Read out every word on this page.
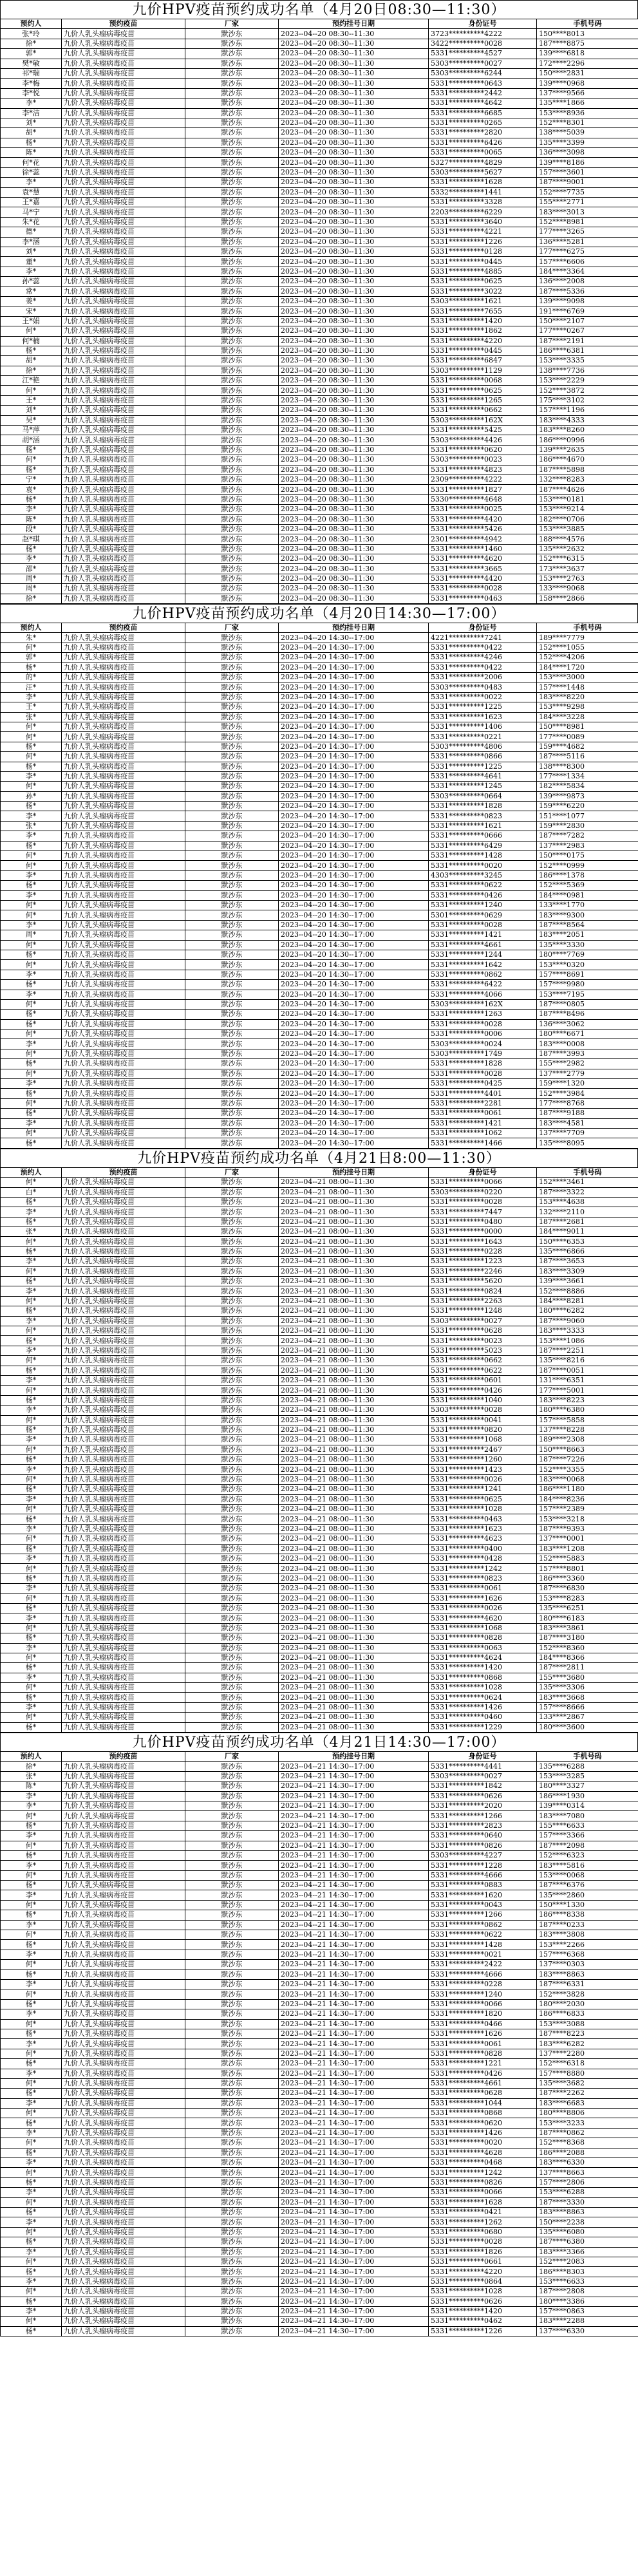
九价HPV疫苗预约成功名单（4月20日08:30—11:30）
预约人	预约疫苗	厂家	预约挂号日期	身份证号	手机号码
张*玲	九价人乳头瘤病毒疫苗	默沙东	2023--04--20 08:30--11:30	3723**********4222	150****8013
徐*	九价人乳头瘤病毒疫苗	默沙东	2023--04--20 08:30--11:30	3422**********0028	187****8875
郭*	九价人乳头瘤病毒疫苗	默沙东	2023--04--20 08:30--11:30	5331**********4527	139****6818
樊*敏	九价人乳头瘤病毒疫苗	默沙东	2023--04--20 08:30--11:30	5303**********0027	172****2296
祁*瑞	九价人乳头瘤病毒疫苗	默沙东	2023--04--20 08:30--11:30	5303**********6244	150****2831
李*梅	九价人乳头瘤病毒疫苗	默沙东	2023--04--20 08:30--11:30	5331**********0643	139****0968
李*悦	九价人乳头瘤病毒疫苗	默沙东	2023--04--20 08:30--11:30	5331**********2442	137****9566
李*	九价人乳头瘤病毒疫苗	默沙东	2023--04--20 08:30--11:30	5331**********4642	135****1866
李*洁	九价人乳头瘤病毒疫苗	默沙东	2023--04--20 08:30--11:30	5331**********6685	153****8936
刘*	九价人乳头瘤病毒疫苗	默沙东	2023--04--20 08:30--11:30	5331**********0265	152****8301
胡*	九价人乳头瘤病毒疫苗	默沙东	2023--04--20 08:30--11:30	5331**********2820	138****5039
杨*	九价人乳头瘤病毒疫苗	默沙东	2023--04--20 08:30--11:30	5331**********6426	135****3399
陈*	九价人乳头瘤病毒疫苗	默沙东	2023--04--20 08:30--11:30	5331**********0065	136****3098
何*花	九价人乳头瘤病毒疫苗	默沙东	2023--04--20 08:30--11:30	5327**********4829	139****8186
徐*蕊	九价人乳头瘤病毒疫苗	默沙东	2023--04--20 08:30--11:30	5303**********5627	157****3601
李*	九价人乳头瘤病毒疫苗	默沙东	2023--04--20 08:30--11:30	5331**********1628	187****9001
袁*慧	九价人乳头瘤病毒疫苗	默沙东	2023--04--20 08:30--11:30	5332**********1441	152****7735
王*嘉	九价人乳头瘤病毒疫苗	默沙东	2023--04--20 08:30--11:30	5331**********3328	155****2771
马*宁	九价人乳头瘤病毒疫苗	默沙东	2023--04--20 08:30--11:30	2203**********6229	183****3013
朱*花	九价人乳头瘤病毒疫苗	默沙东	2023--04--20 08:30--11:30	5331**********3640	152****8981
德*	九价人乳头瘤病毒疫苗	默沙东	2023--04--20 08:30--11:30	5331**********4221	177****3265
李*涵	九价人乳头瘤病毒疫苗	默沙东	2023--04--20 08:30--11:30	5331**********1226	136****5281
刘*	九价人乳头瘤病毒疫苗	默沙东	2023--04--20 08:30--11:30	5331**********0128	177****6275
董*	九价人乳头瘤病毒疫苗	默沙东	2023--04--20 08:30--11:30	5331**********0445	157****6606
李*	九价人乳头瘤病毒疫苗	默沙东	2023--04--20 08:30--11:30	5331**********4885	184****3364
孙*蕊	九价人乳头瘤病毒疫苗	默沙东	2023--04--20 08:30--11:30	5331**********0625	136****2008
常*	九价人乳头瘤病毒疫苗	默沙东	2023--04--20 08:30--11:30	5331**********3022	187****5336
姜*	九价人乳头瘤病毒疫苗	默沙东	2023--04--20 08:30--11:30	5303**********1621	139****9098
宋*	九价人乳头瘤病毒疫苗	默沙东	2023--04--20 08:30--11:30	5331**********7655	191****6769
王*娟	九价人乳头瘤病毒疫苗	默沙东	2023--04--20 08:30--11:30	5331**********1420	150****2107
何*	九价人乳头瘤病毒疫苗	默沙东	2023--04--20 08:30--11:30	5331**********1862	177****0267
何*楠	九价人乳头瘤病毒疫苗	默沙东	2023--04--20 08:30--11:30	5331**********4220	187****2191
杨*	九价人乳头瘤病毒疫苗	默沙东	2023--04--20 08:30--11:30	5331**********0445	186****6381
胡*	九价人乳头瘤病毒疫苗	默沙东	2023--04--20 08:30--11:30	5331**********6847	153****3335
徐*	九价人乳头瘤病毒疫苗	默沙东	2023--04--20 08:30--11:30	5303**********1129	138****7736
江*艳	九价人乳头瘤病毒疫苗	默沙东	2023--04--20 08:30--11:30	5331**********0068	153****2229
何*	九价人乳头瘤病毒疫苗	默沙东	2023--04--20 08:30--11:30	5331**********0625	152****3872
王*	九价人乳头瘤病毒疫苗	默沙东	2023--04--20 08:30--11:30	5331**********1265	175****3102
刘*	九价人乳头瘤病毒疫苗	默沙东	2023--04--20 08:30--11:30	5331**********0662	157****1196
吴*	九价人乳头瘤病毒疫苗	默沙东	2023--04--20 08:30--11:30	5303**********162X	183****4333
马*萍	九价人乳头瘤病毒疫苗	默沙东	2023--04--20 08:30--11:30	5331**********5425	183****8260
胡*涵	九价人乳头瘤病毒疫苗	默沙东	2023--04--20 08:30--11:30	5303**********4426	186****0996
杨*	九价人乳头瘤病毒疫苗	默沙东	2023--04--20 08:30--11:30	5331**********0620	139****2635
何*	九价人乳头瘤病毒疫苗	默沙东	2023--04--20 08:30--11:30	5303**********0023	186****4670
杨*	九价人乳头瘤病毒疫苗	默沙东	2023--04--20 08:30--11:30	5331**********4823	187****5898
宁*	九价人乳头瘤病毒疫苗	默沙东	2023--04--20 08:30--11:30	2309**********4222	132****8283
袁*	九价人乳头瘤病毒疫苗	默沙东	2023--04--20 08:30--11:30	5331**********1827	187****4626
杨*	九价人乳头瘤病毒疫苗	默沙东	2023--04--20 08:30--11:30	5330**********4648	153****0181
李*	九价人乳头瘤病毒疫苗	默沙东	2023--04--20 08:30--11:30	5331**********0025	153****9214
陈*	九价人乳头瘤病毒疫苗	默沙东	2023--04--20 08:30--11:30	5331**********4420	182****0706
段*	九价人乳头瘤病毒疫苗	默沙东	2023--04--20 08:30--11:30	5331**********5426	153****3885
赵*琪	九价人乳头瘤病毒疫苗	默沙东	2023--04--20 08:30--11:30	2301**********4942	188****4576
杨*	九价人乳头瘤病毒疫苗	默沙东	2023--04--20 08:30--11:30	5331**********1460	135****2632
李*	九价人乳头瘤病毒疫苗	默沙东	2023--04--20 08:30--11:30	5331**********4620	152****6315
邵*	九价人乳头瘤病毒疫苗	默沙东	2023--04--20 08:30--11:30	5331**********3665	173****3637
周*	九价人乳头瘤病毒疫苗	默沙东	2023--04--20 08:30--11:30	5331**********4420	153****2763
周*	九价人乳头瘤病毒疫苗	默沙东	2023--04--20 08:30--11:30	5331**********0028	133****9068
徐*	九价人乳头瘤病毒疫苗	默沙东	2023--04--20 08:30--11:30	5331**********0463	158****2866
九价HPV疫苗预约成功名单（4月20日14:30—17:00）
预约人	预约疫苗	厂家	预约挂号日期	身份证号	手机号码
朱*	九价人乳头瘤病毒疫苗	默沙东	2023--04--20 14:30--17:00	4221**********7241	189****7779
何*	九价人乳头瘤病毒疫苗	默沙东	2023--04--20 14:30--17:00	5331**********0422	152****1055
郭*	九价人乳头瘤病毒疫苗	默沙东	2023--04--20 14:30--17:00	5331**********4246	152****4206
杨*	九价人乳头瘤病毒疫苗	默沙东	2023--04--20 14:30--17:00	5331**********0422	184****1720
的*	九价人乳头瘤病毒疫苗	默沙东	2023--04--20 14:30--17:00	5331**********2006	153****3000
汪*	九价人乳头瘤病毒疫苗	默沙东	2023--04--20 14:30--17:00	5303**********0483	157****1448
李*	九价人乳头瘤病毒疫苗	默沙东	2023--04--20 14:30--17:00	5331**********0022	183****8220
王*	九价人乳头瘤病毒疫苗	默沙东	2023--04--20 14:30--17:00	5331**********1225	153****9298
张*	九价人乳头瘤病毒疫苗	默沙东	2023--04--20 14:30--17:00	5331**********1623	184****3228
何*	九价人乳头瘤病毒疫苗	默沙东	2023--04--20 14:30--17:00	5331**********1406	150****8981
何*	九价人乳头瘤病毒疫苗	默沙东	2023--04--20 14:30--17:00	5331**********0221	177****0089
杨*	九价人乳头瘤病毒疫苗	默沙东	2023--04--20 14:30--17:00	5303**********4806	159****4682
何*	九价人乳头瘤病毒疫苗	默沙东	2023--04--20 14:30--17:00	5331**********0866	187****5116
杨*	九价人乳头瘤病毒疫苗	默沙东	2023--04--20 14:30--17:00	5331**********1225	138****8300
李*	九价人乳头瘤病毒疫苗	默沙东	2023--04--20 14:30--17:00	5331**********4641	177****1334
何*	九价人乳头瘤病毒疫苗	默沙东	2023--04--20 14:30--17:00	5331**********1245	182****5834
孙*	九价人乳头瘤病毒疫苗	默沙东	2023--04--20 14:30--17:00	5303**********0664	139****9873
杨*	九价人乳头瘤病毒疫苗	默沙东	2023--04--20 14:30--17:00	5331**********1828	159****6220
李*	九价人乳头瘤病毒疫苗	默沙东	2023--04--20 14:30--17:00	5331**********0823	151****1077
张*	九价人乳头瘤病毒疫苗	默沙东	2023--04--20 14:30--17:00	5331**********1621	159****2830
李*	九价人乳头瘤病毒疫苗	默沙东	2023--04--20 14:30--17:00	5331**********0666	187****7282
杨*	九价人乳头瘤病毒疫苗	默沙东	2023--04--20 14:30--17:00	5331**********6429	137****2983
何*	九价人乳头瘤病毒疫苗	默沙东	2023--04--20 14:30--17:00	5331**********1428	150****0175
何*	九价人乳头瘤病毒疫苗	默沙东	2023--04--20 14:30--17:00	5331**********0020	152****0999
李*	九价人乳头瘤病毒疫苗	默沙东	2023--04--20 14:30--17:00	4303**********3245	186****1378
杨*	九价人乳头瘤病毒疫苗	默沙东	2023--04--20 14:30--17:00	5331**********0622	152****5369
李*	九价人乳头瘤病毒疫苗	默沙东	2023--04--20 14:30--17:00	5331**********0426	184****0981
何*	九价人乳头瘤病毒疫苗	默沙东	2023--04--20 14:30--17:00	5331**********1240	133****1770
何*	九价人乳头瘤病毒疫苗	默沙东	2023--04--20 14:30--17:00	5301**********0629	183****9300
李*	九价人乳头瘤病毒疫苗	默沙东	2023--04--20 14:30--17:00	5331**********0028	187****8564
周*	九价人乳头瘤病毒疫苗	默沙东	2023--04--20 14:30--17:00	5331**********1421	183****2051
何*	九价人乳头瘤病毒疫苗	默沙东	2023--04--20 14:30--17:00	5331**********4661	135****3330
杨*	九价人乳头瘤病毒疫苗	默沙东	2023--04--20 14:30--17:00	5331**********1244	180****7769
何*	九价人乳头瘤病毒疫苗	默沙东	2023--04--20 14:30--17:00	5331**********1642	153****0320
李*	九价人乳头瘤病毒疫苗	默沙东	2023--04--20 14:30--17:00	5331**********0862	157****8691
杨*	九价人乳头瘤病毒疫苗	默沙东	2023--04--20 14:30--17:00	5331**********6422	157****9980
李*	九价人乳头瘤病毒疫苗	默沙东	2023--04--20 14:30--17:00	5331**********4066	153****7195
何*	九价人乳头瘤病毒疫苗	默沙东	2023--04--20 14:30--17:00	5303**********162X	187****0805
杨*	九价人乳头瘤病毒疫苗	默沙东	2023--04--20 14:30--17:00	5331**********1263	187****8496
杨*	九价人乳头瘤病毒疫苗	默沙东	2023--04--20 14:30--17:00	5331**********0028	136****3062
何*	九价人乳头瘤病毒疫苗	默沙东	2023--04--20 14:30--17:00	5331**********0006	180****6671
李*	九价人乳头瘤病毒疫苗	默沙东	2023--04--20 14:30--17:00	5303**********0024	183****0008
何*	九价人乳头瘤病毒疫苗	默沙东	2023--04--20 14:30--17:00	5303**********1749	187****3993
杨*	九价人乳头瘤病毒疫苗	默沙东	2023--04--20 14:30--17:00	5331**********1828	155****2982
何*	九价人乳头瘤病毒疫苗	默沙东	2023--04--20 14:30--17:00	5331**********0028	137****2779
李*	九价人乳头瘤病毒疫苗	默沙东	2023--04--20 14:30--17:00	5331**********0425	159****1320
杨*	九价人乳头瘤病毒疫苗	默沙东	2023--04--20 14:30--17:00	5331**********4401	152****3984
何*	九价人乳头瘤病毒疫苗	默沙东	2023--04--20 14:30--17:00	5331**********2281	177****8768
杨*	九价人乳头瘤病毒疫苗	默沙东	2023--04--20 14:30--17:00	5331**********0061	187****9188
李*	九价人乳头瘤病毒疫苗	默沙东	2023--04--20 14:30--17:00	5331**********1421	183****4581
何*	九价人乳头瘤病毒疫苗	默沙东	2023--04--20 14:30--17:00	5331**********1062	137****7709
杨*	九价人乳头瘤病毒疫苗	默沙东	2023--04--20 14:30--17:00	5331**********1466	135****8095
九价HPV疫苗预约成功名单（4月21日8:00—11:30）
预约人	预约疫苗	厂家	预约挂号日期	身份证号	手机号码
何*	九价人乳头瘤病毒疫苗	默沙东	2023--04--21 08:00--11:30	5331**********0066	152****3461
白*	九价人乳头瘤病毒疫苗	默沙东	2023--04--21 08:00--11:30	5303**********0220	187****3322
杨*	九价人乳头瘤病毒疫苗	默沙东	2023--04--21 08:00--11:30	5331**********0028	153****4638
李*	九价人乳头瘤病毒疫苗	默沙东	2023--04--21 08:00--11:30	5331**********7447	132****2110
杨*	九价人乳头瘤病毒疫苗	默沙东	2023--04--21 08:00--11:30	5331**********0480	187****2681
张*	九价人乳头瘤病毒疫苗	默沙东	2023--04--21 08:00--11:30	5331**********0000	184****9011
何*	九价人乳头瘤病毒疫苗	默沙东	2023--04--21 08:00--11:30	5331**********1643	150****6353
杨*	九价人乳头瘤病毒疫苗	默沙东	2023--04--21 08:00--11:30	5331**********0228	135****6866
李*	九价人乳头瘤病毒疫苗	默沙东	2023--04--21 08:00--11:30	5331**********1223	187****3653
何*	九价人乳头瘤病毒疫苗	默沙东	2023--04--21 08:00--11:30	5331**********2246	183****3309
杨*	九价人乳头瘤病毒疫苗	默沙东	2023--04--21 08:00--11:30	5331**********5620	139****3661
李*	九价人乳头瘤病毒疫苗	默沙东	2023--04--21 08:00--11:30	5331**********0824	152****8886
何*	九价人乳头瘤病毒疫苗	默沙东	2023--04--21 08:00--11:30	5331**********2263	184****8281
杨*	九价人乳头瘤病毒疫苗	默沙东	2023--04--21 08:00--11:30	5331**********1248	180****6282
李*	九价人乳头瘤病毒疫苗	默沙东	2023--04--21 08:00--11:30	5303**********0027	187****9060
何*	九价人乳头瘤病毒疫苗	默沙东	2023--04--21 08:00--11:30	5331**********0628	183****3333
杨*	九价人乳头瘤病毒疫苗	默沙东	2023--04--21 08:00--11:30	5331**********0023	153****1086
李*	九价人乳头瘤病毒疫苗	默沙东	2023--04--21 08:00--11:30	5331**********5023	187****2251
何*	九价人乳头瘤病毒疫苗	默沙东	2023--04--21 08:00--11:30	5331**********0662	135****8216
杨*	九价人乳头瘤病毒疫苗	默沙东	2023--04--21 08:00--11:30	5331**********0622	187****0051
李*	九价人乳头瘤病毒疫苗	默沙东	2023--04--21 08:00--11:30	5331**********0601	131****6351
何*	九价人乳头瘤病毒疫苗	默沙东	2023--04--21 08:00--11:30	5331**********0426	177****5001
杨*	九价人乳头瘤病毒疫苗	默沙东	2023--04--21 08:00--11:30	5331**********1040	183****8223
李*	九价人乳头瘤病毒疫苗	默沙东	2023--04--21 08:00--11:30	5303**********0028	180****6380
何*	九价人乳头瘤病毒疫苗	默沙东	2023--04--21 08:00--11:30	5331**********0041	157****5858
杨*	九价人乳头瘤病毒疫苗	默沙东	2023--04--21 08:00--11:30	5331**********0820	137****8228
李*	九价人乳头瘤病毒疫苗	默沙东	2023--04--21 08:00--11:30	5331**********1068	189****2308
何*	九价人乳头瘤病毒疫苗	默沙东	2023--04--21 08:00--11:30	5331**********2467	150****8663
杨*	九价人乳头瘤病毒疫苗	默沙东	2023--04--21 08:00--11:30	5331**********1260	187****7226
李*	九价人乳头瘤病毒疫苗	默沙东	2023--04--21 08:00--11:30	5331**********1423	152****3355
何*	九价人乳头瘤病毒疫苗	默沙东	2023--04--21 08:00--11:30	5331**********0026	183****0068
杨*	九价人乳头瘤病毒疫苗	默沙东	2023--04--21 08:00--11:30	5331**********1241	186****1180
李*	九价人乳头瘤病毒疫苗	默沙东	2023--04--21 08:00--11:30	5331**********0625	184****8236
何*	九价人乳头瘤病毒疫苗	默沙东	2023--04--21 08:00--11:30	5331**********1028	157****2389
杨*	九价人乳头瘤病毒疫苗	默沙东	2023--04--21 08:00--11:30	5331**********0463	153****3218
李*	九价人乳头瘤病毒疫苗	默沙东	2023--04--21 08:00--11:30	5331**********1623	187****9393
何*	九价人乳头瘤病毒疫苗	默沙东	2023--04--21 08:00--11:30	5331**********4623	137****0001
杨*	九价人乳头瘤病毒疫苗	默沙东	2023--04--21 08:00--11:30	5331**********0400	183****1208
李*	九价人乳头瘤病毒疫苗	默沙东	2023--04--21 08:00--11:30	5331**********0428	152****5883
何*	九价人乳头瘤病毒疫苗	默沙东	2023--04--21 08:00--11:30	5331**********1242	157****8801
杨*	九价人乳头瘤病毒疫苗	默沙东	2023--04--21 08:00--11:30	5331**********0823	186****3360
李*	九价人乳头瘤病毒疫苗	默沙东	2023--04--21 08:00--11:30	5331**********0061	187****6830
何*	九价人乳头瘤病毒疫苗	默沙东	2023--04--21 08:00--11:30	5331**********1626	153****8283
杨*	九价人乳头瘤病毒疫苗	默沙东	2023--04--21 08:00--11:30	5331**********0026	135****6251
李*	九价人乳头瘤病毒疫苗	默沙东	2023--04--21 08:00--11:30	5331**********4620	180****6183
何*	九价人乳头瘤病毒疫苗	默沙东	2023--04--21 08:00--11:30	5331**********1068	183****3861
杨*	九价人乳头瘤病毒疫苗	默沙东	2023--04--21 08:00--11:30	5331**********0828	187****3180
李*	九价人乳头瘤病毒疫苗	默沙东	2023--04--21 08:00--11:30	5331**********0063	152****8360
何*	九价人乳头瘤病毒疫苗	默沙东	2023--04--21 08:00--11:30	5331**********4624	184****8366
杨*	九价人乳头瘤病毒疫苗	默沙东	2023--04--21 08:00--11:30	5331**********1420	187****2811
李*	九价人乳头瘤病毒疫苗	默沙东	2023--04--21 08:00--11:30	5331**********0868	155****3680
何*	九价人乳头瘤病毒疫苗	默沙东	2023--04--21 08:00--11:30	5331**********1028	135****3306
杨*	九价人乳头瘤病毒疫苗	默沙东	2023--04--21 08:00--11:30	5331**********0624	183****3668
李*	九价人乳头瘤病毒疫苗	默沙东	2023--04--21 08:00--11:30	5331**********1426	157****8666
何*	九价人乳头瘤病毒疫苗	默沙东	2023--04--21 08:00--11:30	5331**********0460	133****2867
杨*	九价人乳头瘤病毒疫苗	默沙东	2023--04--21 08:00--11:30	5331**********1229	180****3600
九价HPV疫苗预约成功名单（4月21日14:30—17:00）
预约人	预约疫苗	厂家	预约挂号日期	身份证号	手机号码
徐*	九价人乳头瘤病毒疫苗	默沙东	2023--04--21 14:30--17:00	5331**********4441	135****6288
张*	九价人乳头瘤病毒疫苗	默沙东	2023--04--21 14:30--17:00	5303**********0027	153****3285
陈*	九价人乳头瘤病毒疫苗	默沙东	2023--04--21 14:30--17:00	5331**********1842	180****3327
李*	九价人乳头瘤病毒疫苗	默沙东	2023--04--21 14:30--17:00	5331**********0626	186****1930
李*	九价人乳头瘤病毒疫苗	默沙东	2023--04--21 14:30--17:00	5331**********2020	139****0314
何*	九价人乳头瘤病毒疫苗	默沙东	2023--04--21 14:30--17:00	5331**********1266	183****7080
杨*	九价人乳头瘤病毒疫苗	默沙东	2023--04--21 14:30--17:00	5331**********2823	155****6633
李*	九价人乳头瘤病毒疫苗	默沙东	2023--04--21 14:30--17:00	5331**********0640	157****3366
何*	九价人乳头瘤病毒疫苗	默沙东	2023--04--21 14:30--17:00	5331**********0826	187****2098
杨*	九价人乳头瘤病毒疫苗	默沙东	2023--04--21 14:30--17:00	5303**********4227	152****6323
李*	九价人乳头瘤病毒疫苗	默沙东	2023--04--21 14:30--17:00	5331**********1228	183****5816
何*	九价人乳头瘤病毒疫苗	默沙东	2023--04--21 14:30--17:00	5331**********4666	153****0068
杨*	九价人乳头瘤病毒疫苗	默沙东	2023--04--21 14:30--17:00	5331**********0883	187****6376
李*	九价人乳头瘤病毒疫苗	默沙东	2023--04--21 14:30--17:00	5331**********1620	135****2860
何*	九价人乳头瘤病毒疫苗	默沙东	2023--04--21 14:30--17:00	5331**********0043	150****1330
杨*	九价人乳头瘤病毒疫苗	默沙东	2023--04--21 14:30--17:00	5331**********1266	186****8338
李*	九价人乳头瘤病毒疫苗	默沙东	2023--04--21 14:30--17:00	5331**********0862	187****0233
何*	九价人乳头瘤病毒疫苗	默沙东	2023--04--21 14:30--17:00	5331**********0622	183****3808
杨*	九价人乳头瘤病毒疫苗	默沙东	2023--04--21 14:30--17:00	5331**********1428	153****2266
李*	九价人乳头瘤病毒疫苗	默沙东	2023--04--21 14:30--17:00	5331**********0021	157****6368
何*	九价人乳头瘤病毒疫苗	默沙东	2023--04--21 14:30--17:00	5331**********2422	137****0303
杨*	九价人乳头瘤病毒疫苗	默沙东	2023--04--21 14:30--17:00	5331**********4666	183****8863
李*	九价人乳头瘤病毒疫苗	默沙东	2023--04--21 14:30--17:00	5331**********0228	187****6331
何*	九价人乳头瘤病毒疫苗	默沙东	2023--04--21 14:30--17:00	5331**********1240	152****3828
杨*	九价人乳头瘤病毒疫苗	默沙东	2023--04--21 14:30--17:00	5331**********0066	180****2030
李*	九价人乳头瘤病毒疫苗	默沙东	2023--04--21 14:30--17:00	5331**********1820	186****6833
何*	九价人乳头瘤病毒疫苗	默沙东	2023--04--21 14:30--17:00	5331**********0466	153****3088
杨*	九价人乳头瘤病毒疫苗	默沙东	2023--04--21 14:30--17:00	5331**********1626	187****8223
李*	九价人乳头瘤病毒疫苗	默沙东	2023--04--21 14:30--17:00	5331**********0061	183****6282
何*	九价人乳头瘤病毒疫苗	默沙东	2023--04--21 14:30--17:00	5331**********0828	137****2280
杨*	九价人乳头瘤病毒疫苗	默沙东	2023--04--21 14:30--17:00	5331**********1221	152****6318
李*	九价人乳头瘤病毒疫苗	默沙东	2023--04--21 14:30--17:00	5331**********0426	157****8880
何*	九价人乳头瘤病毒疫苗	默沙东	2023--04--21 14:30--17:00	5331**********4661	135****3682
杨*	九价人乳头瘤病毒疫苗	默沙东	2023--04--21 14:30--17:00	5331**********0628	187****2262
李*	九价人乳头瘤病毒疫苗	默沙东	2023--04--21 14:30--17:00	5331**********1044	183****6683
何*	九价人乳头瘤病毒疫苗	默沙东	2023--04--21 14:30--17:00	5331**********0868	180****8806
杨*	九价人乳头瘤病毒疫苗	默沙东	2023--04--21 14:30--17:00	5331**********0620	153****3233
李*	九价人乳头瘤病毒疫苗	默沙东	2023--04--21 14:30--17:00	5331**********1426	187****0862
何*	九价人乳头瘤病毒疫苗	默沙东	2023--04--21 14:30--17:00	5331**********0020	152****8368
杨*	九价人乳头瘤病毒疫苗	默沙东	2023--04--21 14:30--17:00	5331**********4628	186****2088
李*	九价人乳头瘤病毒疫苗	默沙东	2023--04--21 14:30--17:00	5331**********0468	183****6330
何*	九价人乳头瘤病毒疫苗	默沙东	2023--04--21 14:30--17:00	5331**********1242	137****8663
杨*	九价人乳头瘤病毒疫苗	默沙东	2023--04--21 14:30--17:00	5331**********0826	157****2806
李*	九价人乳头瘤病毒疫苗	默沙东	2023--04--21 14:30--17:00	5331**********0066	153****6288
何*	九价人乳头瘤病毒疫苗	默沙东	2023--04--21 14:30--17:00	5331**********1628	187****3330
杨*	九价人乳头瘤病毒疫苗	默沙东	2023--04--21 14:30--17:00	5331**********0421	183****8863
李*	九价人乳头瘤病毒疫苗	默沙东	2023--04--21 14:30--17:00	5331**********1262	150****2238
何*	九价人乳头瘤病毒疫苗	默沙东	2023--04--21 14:30--17:00	5331**********0680	135****6080
杨*	九价人乳头瘤病毒疫苗	默沙东	2023--04--21 14:30--17:00	5331**********0028	187****6380
李*	九价人乳头瘤病毒疫苗	默沙东	2023--04--21 14:30--17:00	5331**********1826	183****3366
何*	九价人乳头瘤病毒疫苗	默沙东	2023--04--21 14:30--17:00	5331**********0661	152****2083
杨*	九价人乳头瘤病毒疫苗	默沙东	2023--04--21 14:30--17:00	5331**********4220	186****8303
李*	九价人乳头瘤病毒疫苗	默沙东	2023--04--21 14:30--17:00	5331**********0864	153****6633
何*	九价人乳头瘤病毒疫苗	默沙东	2023--04--21 14:30--17:00	5331**********1028	187****2808
杨*	九价人乳头瘤病毒疫苗	默沙东	2023--04--21 14:30--17:00	5331**********0626	180****3386
李*	九价人乳头瘤病毒疫苗	默沙东	2023--04--21 14:30--17:00	5331**********1420	157****0863
何*	九价人乳头瘤病毒疫苗	默沙东	2023--04--21 14:30--17:00	5331**********0462	183****2288
杨*	九价人乳头瘤病毒疫苗	默沙东	2023--04--21 14:30--17:00	5331**********1226	137****6330
